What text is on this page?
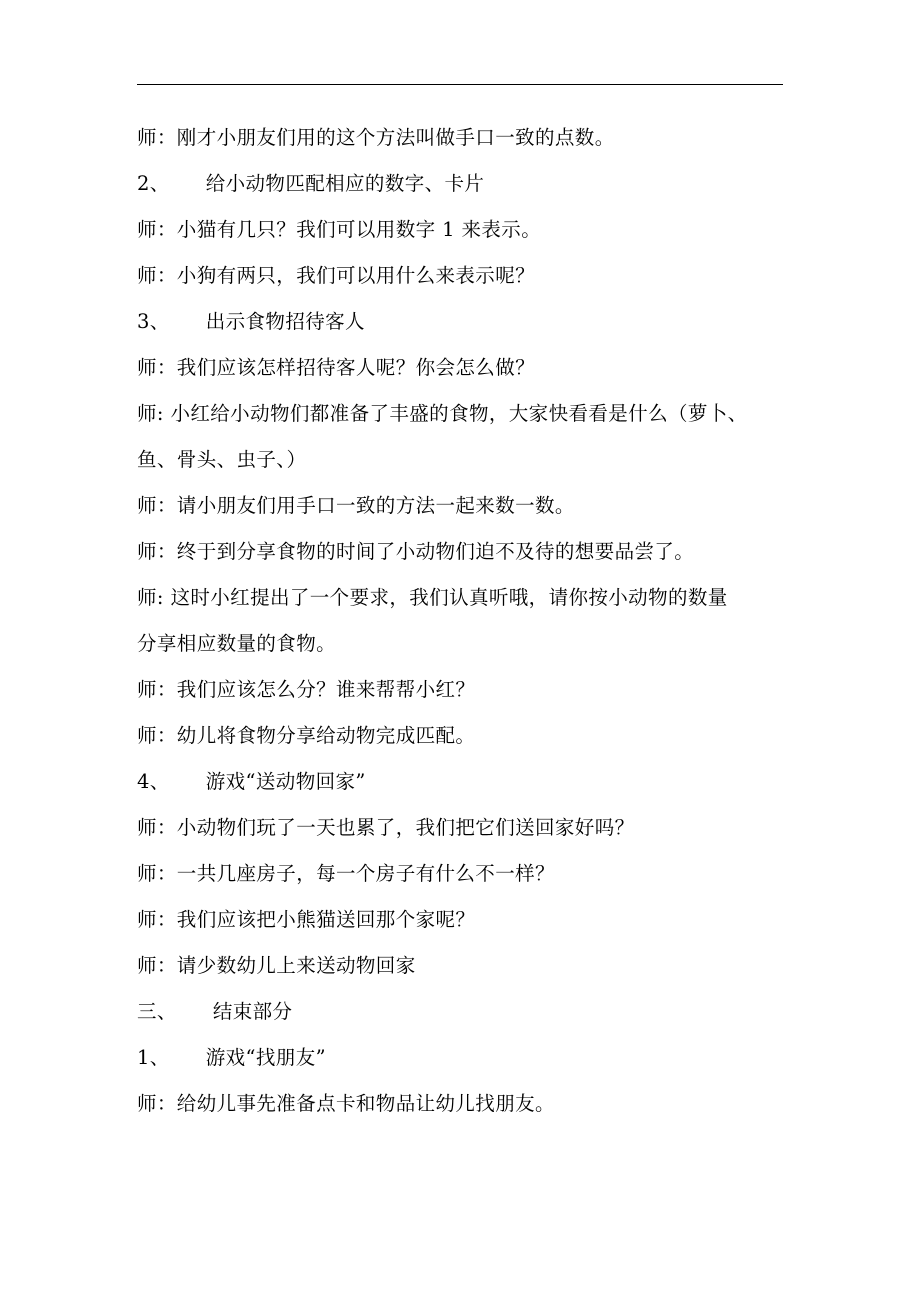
师：刚才小朋友们用的这个方法叫做手口一致的点数。
2、 给小动物匹配相应的数字、卡片
师：小猫有几只？我们可以用数字 1 来表示。
师：小狗有两只，我们可以用什么来表示呢？
3、 出示食物招待客人
师：我们应该怎样招待客人呢？你会怎么做？
师: 小红给小动物们都准备了丰盛的食物，大家快看看是什么（萝卜、
鱼、骨头、虫子、）
师：请小朋友们用手口一致的方法一起来数一数。
师：终于到分享食物的时间了小动物们迫不及待的想要品尝了。
师: 这时小红提出了一个要求，我们认真听哦，请你按小动物的数量
分享相应数量的食物。
师：我们应该怎么分？谁来帮帮小红？
师：幼儿将食物分享给动物完成匹配。
4、 游戏“送动物回家”
师：小动物们玩了一天也累了，我们把它们送回家好吗？
师：一共几座房子，每一个房子有什么不一样？
师：我们应该把小熊猫送回那个家呢？
师：请少数幼儿上来送动物回家
三、 结束部分
1、 游戏“找朋友”
师：给幼儿事先准备点卡和物品让幼儿找朋友。
